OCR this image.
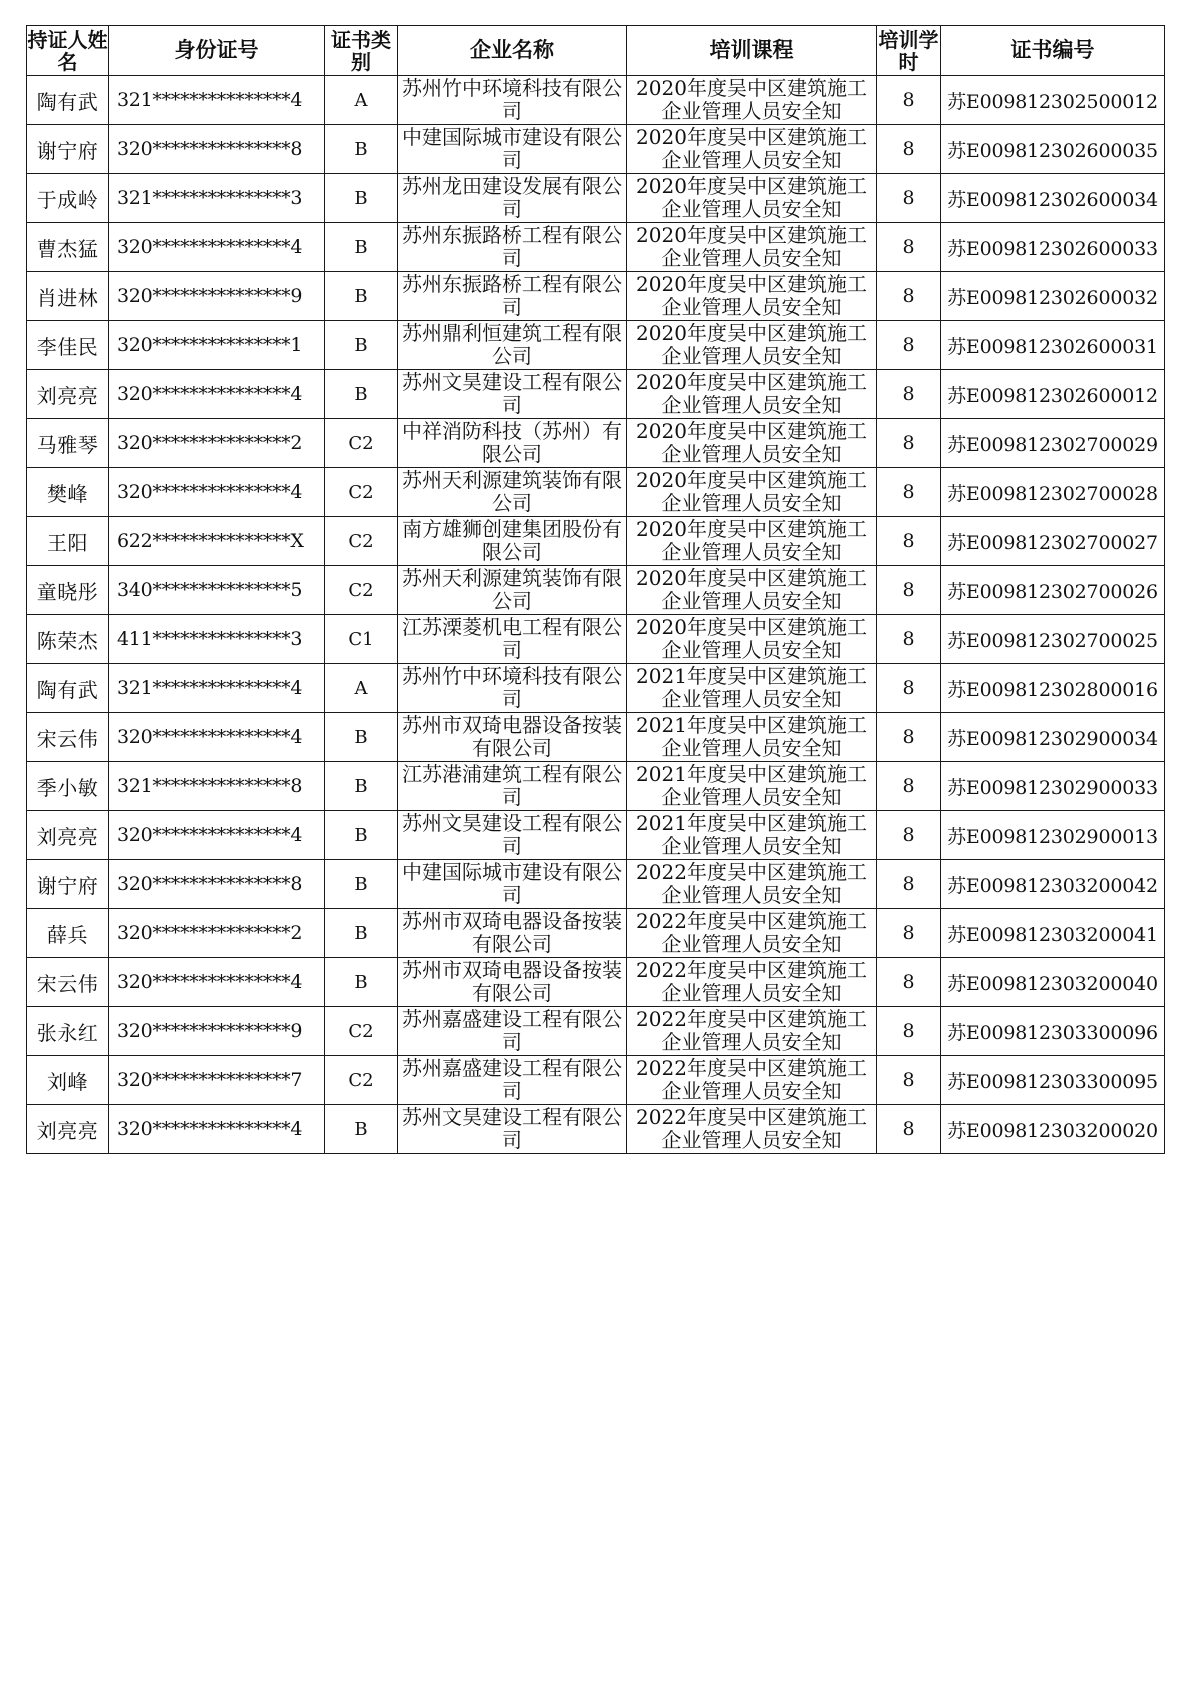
持证人姓名	身份证号	证书类别	企业名称	培训课程	培训学时	证书编号
陶有武	321***************4	A	苏州竹中环境科技有限公司	2020年度吴中区建筑施工企业管理人员安全知	8	苏E009812302500012
谢宁府	320***************8	B	中建国际城市建设有限公司	2020年度吴中区建筑施工企业管理人员安全知	8	苏E009812302600035
于成岭	321***************3	B	苏州龙田建设发展有限公司	2020年度吴中区建筑施工企业管理人员安全知	8	苏E009812302600034
曹杰猛	320***************4	B	苏州东振路桥工程有限公司	2020年度吴中区建筑施工企业管理人员安全知	8	苏E009812302600033
肖进林	320***************9	B	苏州东振路桥工程有限公司	2020年度吴中区建筑施工企业管理人员安全知	8	苏E009812302600032
李佳民	320***************1	B	苏州鼎利恒建筑工程有限公司	2020年度吴中区建筑施工企业管理人员安全知	8	苏E009812302600031
刘亮亮	320***************4	B	苏州文昊建设工程有限公司	2020年度吴中区建筑施工企业管理人员安全知	8	苏E009812302600012
马雅琴	320***************2	C2	中祥消防科技（苏州）有限公司	2020年度吴中区建筑施工企业管理人员安全知	8	苏E009812302700029
樊峰	320***************4	C2	苏州天利源建筑装饰有限公司	2020年度吴中区建筑施工企业管理人员安全知	8	苏E009812302700028
王阳	622***************X	C2	南方雄狮创建集团股份有限公司	2020年度吴中区建筑施工企业管理人员安全知	8	苏E009812302700027
童晓彤	340***************5	C2	苏州天利源建筑装饰有限公司	2020年度吴中区建筑施工企业管理人员安全知	8	苏E009812302700026
陈荣杰	411***************3	C1	江苏溧菱机电工程有限公司	2020年度吴中区建筑施工企业管理人员安全知	8	苏E009812302700025
陶有武	321***************4	A	苏州竹中环境科技有限公司	2021年度吴中区建筑施工企业管理人员安全知	8	苏E009812302800016
宋云伟	320***************4	B	苏州市双琦电器设备按装有限公司	2021年度吴中区建筑施工企业管理人员安全知	8	苏E009812302900034
季小敏	321***************8	B	江苏港浦建筑工程有限公司	2021年度吴中区建筑施工企业管理人员安全知	8	苏E009812302900033
刘亮亮	320***************4	B	苏州文昊建设工程有限公司	2021年度吴中区建筑施工企业管理人员安全知	8	苏E009812302900013
谢宁府	320***************8	B	中建国际城市建设有限公司	2022年度吴中区建筑施工企业管理人员安全知	8	苏E009812303200042
薛兵	320***************2	B	苏州市双琦电器设备按装有限公司	2022年度吴中区建筑施工企业管理人员安全知	8	苏E009812303200041
宋云伟	320***************4	B	苏州市双琦电器设备按装有限公司	2022年度吴中区建筑施工企业管理人员安全知	8	苏E009812303200040
张永红	320***************9	C2	苏州嘉盛建设工程有限公司	2022年度吴中区建筑施工企业管理人员安全知	8	苏E009812303300096
刘峰	320***************7	C2	苏州嘉盛建设工程有限公司	2022年度吴中区建筑施工企业管理人员安全知	8	苏E009812303300095
刘亮亮	320***************4	B	苏州文昊建设工程有限公司	2022年度吴中区建筑施工企业管理人员安全知	8	苏E009812303200020
